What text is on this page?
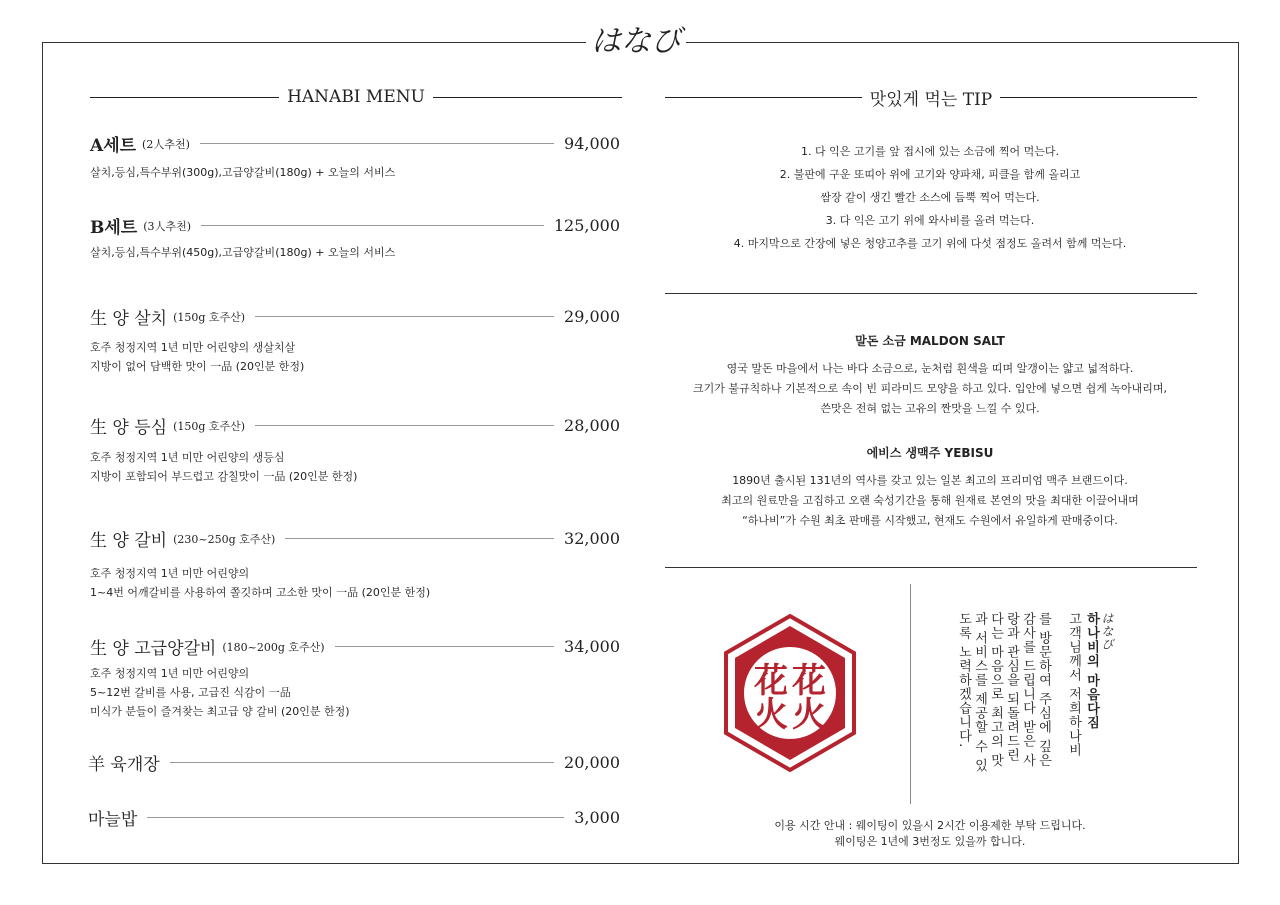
はなび
HANABI MENU
A세트 (2人추천)	94,000
살치,등심,특수부위(300g),고급양갈비(180g) + 오늘의 서비스
B세트 (3人추천)	125,000
살치,등심,특수부위(450g),고급양갈비(180g) + 오늘의 서비스
生 양 살치 (150g 호주산)	29,000
호주 청정지역 1년 미만 어린양의 생살치살
지방이 없어 담백한 맛이 一品 (20인분 한정)
生 양 등심 (150g 호주산)	28,000
호주 청정지역 1년 미만 어린양의 생등심
지방이 포함되어 부드럽고 감칠맛이 一品 (20인분 한정)
生 양 갈비 (230~250g 호주산)	32,000
호주 청정지역 1년 미만 어린양의
1~4번 어깨갈비를 사용하여 쫄깃하며 고소한 맛이 一品 (20인분 한정)
生 양 고급양갈비 (180~200g 호주산)	34,000
호주 청정지역 1년 미만 어린양의
5~12번 갈비를 사용, 고급진 식감이 一品
미식가 분들이 즐겨찾는 최고급 양 갈비 (20인분 한정)
羊 육개장	20,000
마늘밥	3,000
맛있게 먹는 TIP
1. 다 익은 고기를 앞 접시에 있는 소금에 찍어 먹는다.
2. 불판에 구운 또띠아 위에 고기와 양파채, 피클을 함께 올리고
쌈장 같이 생긴 빨간 소스에 듬뿍 찍어 먹는다.
3. 다 익은 고기 위에 와사비를 올려 먹는다.
4. 마지막으로 간장에 넣은 청양고추를 고기 위에 다섯 점정도 올려서 함께 먹는다.
말돈 소금 MALDON SALT
영국 말돈 마을에서 나는 바다 소금으로, 눈처럼 흰색을 띠며 알갱이는 얇고 넓적하다.
크기가 불규칙하나 기본적으로 속이 빈 피라미드 모양을 하고 있다. 입안에 넣으면 쉽게 녹아내리며,
쓴맛은 전혀 없는 고유의 짠맛을 느낄 수 있다.
에비스 생맥주 YEBISU
1890년 출시된 131년의 역사를 갖고 있는 일본 최고의 프리미엄 맥주 브랜드이다.
최고의 원료만을 고집하고 오랜 숙성기간을 통해 원재료 본연의 맛을 최대한 이끌어내며
“하나비”가 수원 최초 판매를 시작했고, 현재도 수원에서 유일하게 판매중이다.
花 花
火 火
はなび
하나비의 마음다짐
고객님께서 저희하나비
를 방문하여 주심에 깊은
감사를 드립니다 받은 사
랑과 관심을 되돌려드린
다는 마음으로 최고의 맛
과 서비스를 제공할 수 있
도록 노력하겠습니다.
이용 시간 안내 : 웨이팅이 있을시 2시간 이용제한 부탁 드립니다.
웨이팅은 1년에 3번정도 있을까 합니다.
